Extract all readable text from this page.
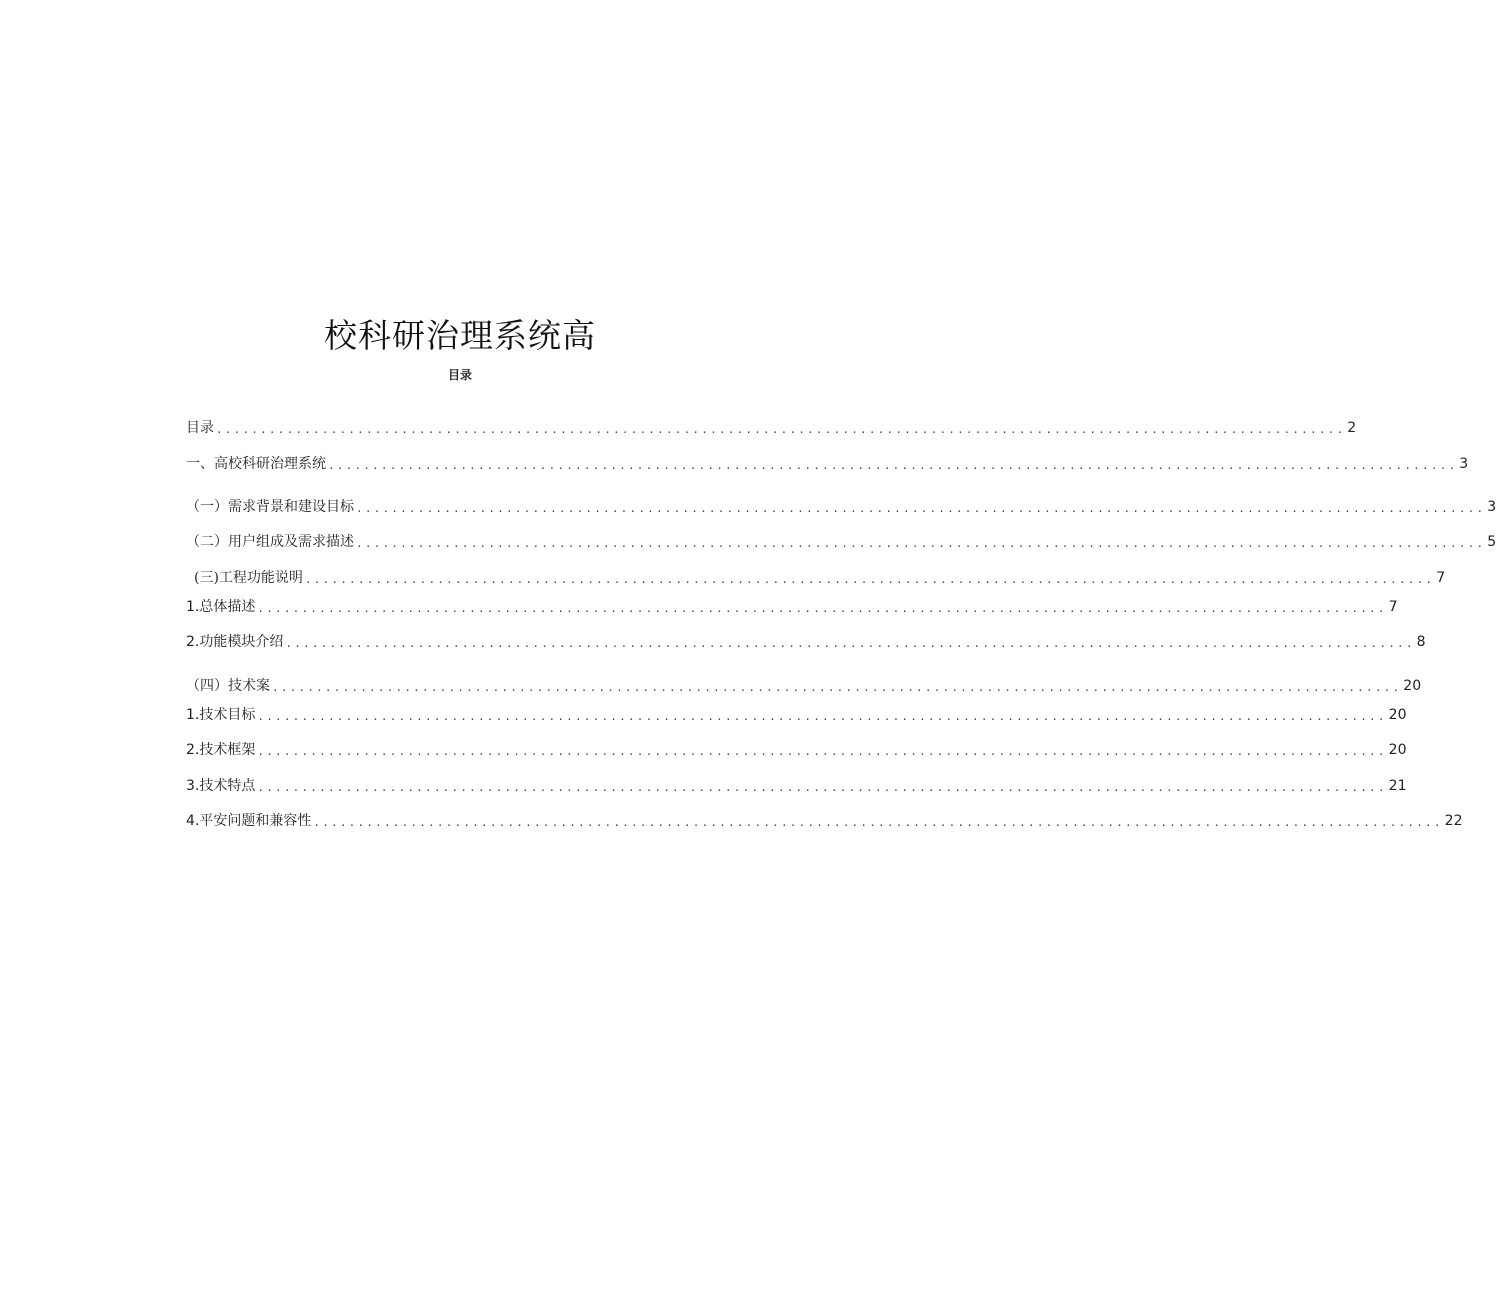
校科研治理系统高
目录
目录 ................................................................................................................................ 2
一、 高校科研治理系统 ................................................................................................................................ 3
（一）需求背景和建设目标 ................................................................................................................................ 3
（二）用户组成及需求描述 ................................................................................................................................ 5
(三) 工程功能说明 ................................................................................................................................ 7
1 .总体描述 ................................................................................................................................ 7
2 .功能模块介绍 ................................................................................................................................ 8
（四）技术案 ................................................................................................................................ 20
1 .技术目标 ................................................................................................................................ 20
2 .技术框架 ................................................................................................................................ 20
3 .技术特点 ................................................................................................................................ 21
4 .平安问题和兼容性 ................................................................................................................................ 22
